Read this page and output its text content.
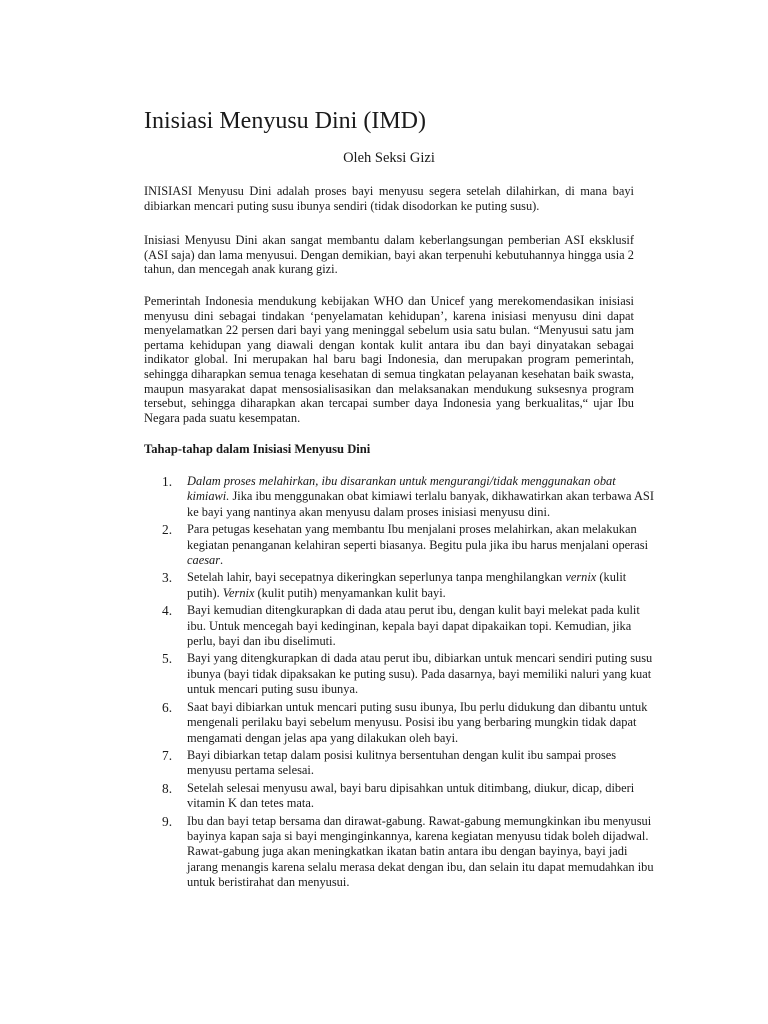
Inisiasi Menyusu Dini (IMD)

Oleh Seksi Gizi

INISIASI Menyusu Dini adalah proses bayi menyusu segera setelah dilahirkan, di mana bayi dibiarkan mencari puting susu ibunya sendiri (tidak disodorkan ke puting susu).

Inisiasi Menyusu Dini akan sangat membantu dalam keberlangsungan pemberian ASI eksklusif (ASI saja) dan lama menyusui. Dengan demikian, bayi akan terpenuhi kebutuhannya hingga usia 2 tahun, dan mencegah anak kurang gizi.

Pemerintah Indonesia mendukung kebijakan WHO dan Unicef yang merekomendasikan inisiasi menyusu dini sebagai tindakan ‘penyelamatan kehidupan’, karena inisiasi menyusu dini dapat menyelamatkan 22 persen dari bayi yang meninggal sebelum usia satu bulan. “Menyusui satu jam pertama kehidupan yang diawali dengan kontak kulit antara ibu dan bayi dinyatakan sebagai indikator global. Ini merupakan hal baru bagi Indonesia, dan merupakan program pemerintah, sehingga diharapkan semua tenaga kesehatan di semua tingkatan pelayanan kesehatan baik swasta, maupun masyarakat dapat mensosialisasikan dan melaksanakan mendukung suksesnya program tersebut, sehingga diharapkan akan tercapai sumber daya Indonesia yang berkualitas,“ ujar Ibu Negara pada suatu kesempatan.

Tahap-tahap dalam Inisiasi Menyusu Dini

1.	Dalam proses melahirkan, ibu disarankan untuk mengurangi/tidak menggunakan obat kimiawi. Jika ibu menggunakan obat kimiawi terlalu banyak, dikhawatirkan akan terbawa ASI ke bayi yang nantinya akan menyusu dalam proses inisiasi menyusu dini.
2.	Para petugas kesehatan yang membantu Ibu menjalani proses melahirkan, akan melakukan kegiatan penanganan kelahiran seperti biasanya. Begitu pula jika ibu harus menjalani operasi caesar.
3.	Setelah lahir, bayi secepatnya dikeringkan seperlunya tanpa menghilangkan vernix (kulit putih). Vernix (kulit putih) menyamankan kulit bayi.
4.	Bayi kemudian ditengkurapkan di dada atau perut ibu, dengan kulit bayi melekat pada kulit ibu. Untuk mencegah bayi kedinginan, kepala bayi dapat dipakaikan topi. Kemudian, jika perlu, bayi dan ibu diselimuti.
5.	Bayi yang ditengkurapkan di dada atau perut ibu, dibiarkan untuk mencari sendiri puting susu ibunya (bayi tidak dipaksakan ke puting susu). Pada dasarnya, bayi memiliki naluri yang kuat untuk mencari puting susu ibunya.
6.	Saat bayi dibiarkan untuk mencari puting susu ibunya, Ibu perlu didukung dan dibantu untuk mengenali perilaku bayi sebelum menyusu. Posisi ibu yang berbaring mungkin tidak dapat mengamati dengan jelas apa yang dilakukan oleh bayi.
7.	Bayi dibiarkan tetap dalam posisi kulitnya bersentuhan dengan kulit ibu sampai proses menyusu pertama selesai.
8.	Setelah selesai menyusu awal, bayi baru dipisahkan untuk ditimbang, diukur, dicap, diberi vitamin K dan tetes mata.
9.	Ibu dan bayi tetap bersama dan dirawat-gabung. Rawat-gabung memungkinkan ibu menyusui bayinya kapan saja si bayi menginginkannya, karena kegiatan menyusu tidak boleh dijadwal. Rawat-gabung juga akan meningkatkan ikatan batin antara ibu dengan bayinya, bayi jadi jarang menangis karena selalu merasa dekat dengan ibu, dan selain itu dapat memudahkan ibu untuk beristirahat dan menyusui.
